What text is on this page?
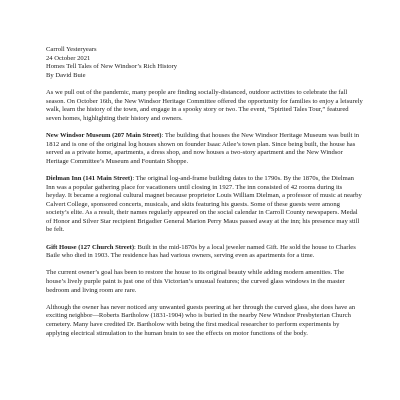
Carroll Yesteryears
24 October 2021
Homes Tell Tales of New Windsor’s Rich History
By David Buie

As we pull out of the pandemic, many people are finding socially-distanced, outdoor activities to celebrate the fall season. On October 16th, the New Windsor Heritage Committee offered the opportunity for families to enjoy a leisurely walk, learn the history of the town, and engage in a spooky story or two. The event, “Spirited Tales Tour,” featured seven homes, highlighting their history and owners.

New Windsor Museum (207 Main Street): The building that houses the New Windsor Heritage Museum was built in 1812 and is one of the original log houses shown on founder Isaac Atlee’s town plan. Since being built, the house has served as a private home, apartments, a dress shop, and now houses a two-story apartment and the New Windsor Heritage Committee’s Museum and Fountain Shoppe.

Dielman Inn (141 Main Street): The original log-and-frame building dates to the 1790s. By the 1870s, the Dielman Inn was a popular gathering place for vacationers until closing in 1927. The inn consisted of 42 rooms during its heyday. It became a regional cultural magnet because proprietor Louis William Dielman, a professor of music at nearby Calvert College, sponsored concerts, musicals, and skits featuring his guests. Some of these guests were among society’s elite. As a result, their names regularly appeared on the social calendar in Carroll County newspapers. Medal of Honor and Silver Star recipient Brigadier General Marion Perry Maus passed away at the inn; his presence may still be felt.

Gift House (127 Church Street): Built in the mid-1870s by a local jeweler named Gift. He sold the house to Charles Baile who died in 1903. The residence has had various owners, serving even as apartments for a time.

The current owner’s goal has been to restore the house to its original beauty while adding modern amenities. The house’s lively purple paint is just one of this Victorian’s unusual features; the curved glass windows in the master bedroom and living room are rare.

Although the owner has never noticed any unwanted guests peering at her through the curved glass, she does have an exciting neighbor—Roberts Bartholow (1831-1904) who is buried in the nearby New Windsor Presbyterian Church cemetery. Many have credited Dr. Bartholow with being the first medical researcher to perform experiments by applying electrical stimulation to the human brain to see the effects on motor functions of the body.
